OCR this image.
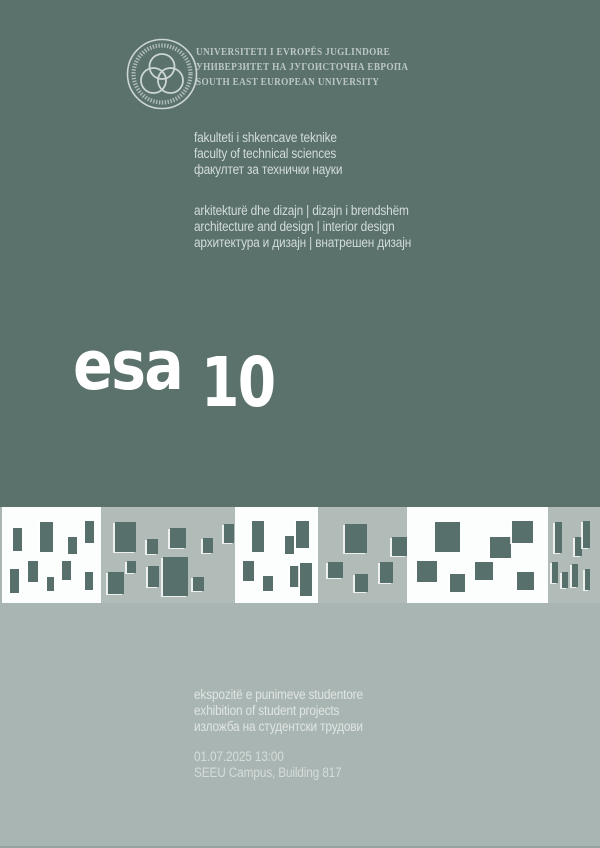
UNIVERSITETI I EVROPËS JUGLINDORE
УНИВЕРЗИТЕТ НА ЈУГОИСТОЧНА ЕВРОПА
SOUTH EAST EUROPEAN UNIVERSITY
fakulteti i shkencave teknike
faculty of technical sciences
факултет за технички науки
arkitekturë dhe dizajn | dizajn i brendshëm
architecture and design | interior design
архитектура и дизајн | внатрешен дизајн
esa 10
ekspozitë e punimeve studentore
exhibition of student projects
изложба на студентски трудови
01.07.2025 13:00
SEEU Campus, Building 817
